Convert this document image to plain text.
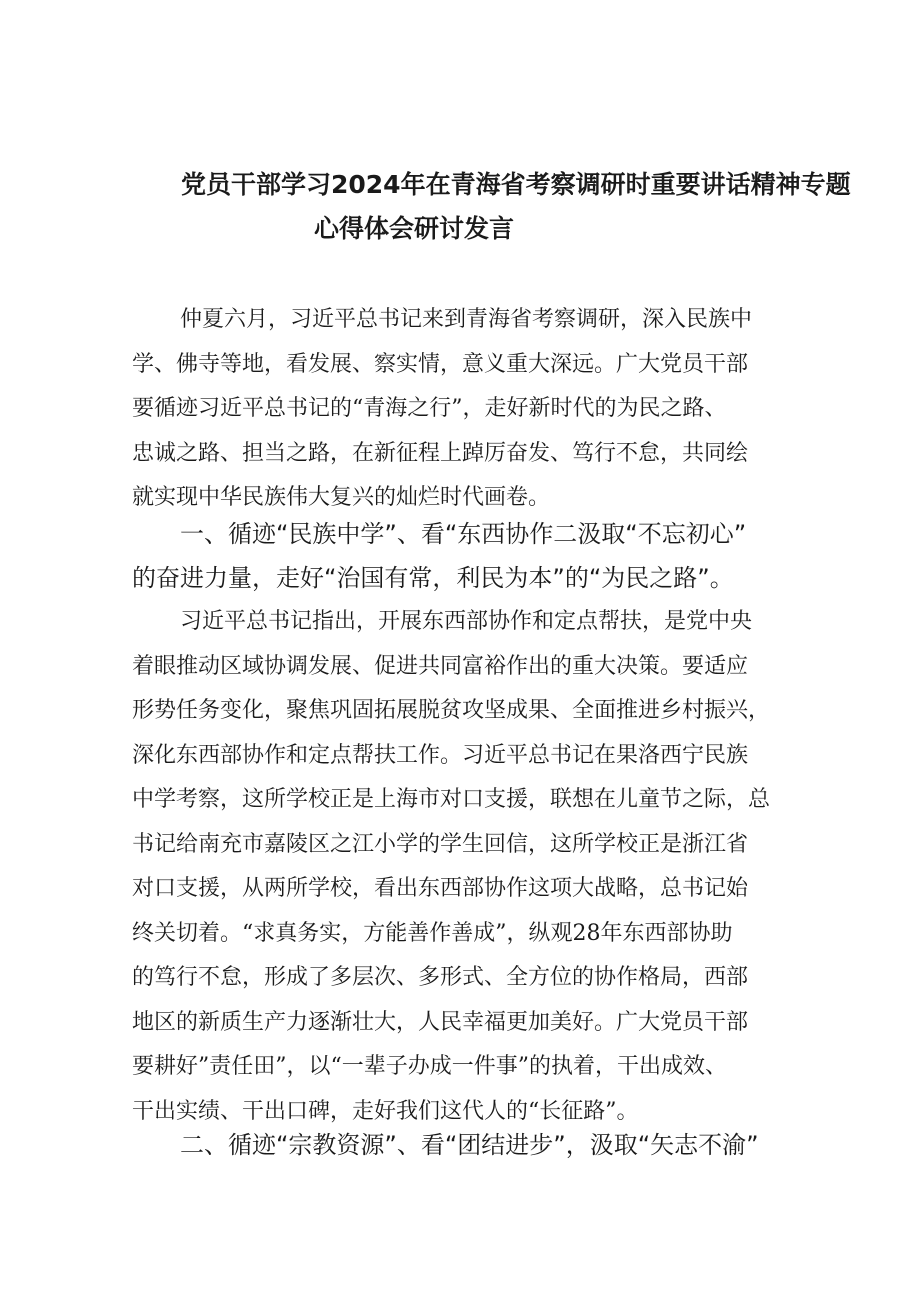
党员干部学习2024年在青海省考察调研时重要讲话精神专题
心得体会研讨发言
仲夏六月，习近平总书记来到青海省考察调研，深入民族中
学、佛寺等地，看发展、察实情，意义重大深远。广大党员干部
要循迹习近平总书记的“青海之行”，走好新时代的为民之路、
忠诚之路、担当之路，在新征程上踔厉奋发、笃行不怠，共同绘
就实现中华民族伟大复兴的灿烂时代画卷。
一、循迹“民族中学”、看“东西协作二汲取“不忘初心”
的奋进力量，走好“治国有常，利民为本”的“为民之路”。
习近平总书记指出，开展东西部协作和定点帮扶，是党中央
着眼推动区域协调发展、促进共同富裕作出的重大决策。要适应
形势任务变化，聚焦巩固拓展脱贫攻坚成果、全面推进乡村振兴，
深化东西部协作和定点帮扶工作。习近平总书记在果洛西宁民族
中学考察，这所学校正是上海市对口支援，联想在儿童节之际，总
书记给南充市嘉陵区之江小学的学生回信，这所学校正是浙江省
对口支援，从两所学校，看出东西部协作这项大战略，总书记始
终关切着。“求真务实，方能善作善成”，纵观28年东西部协助
的笃行不怠，形成了多层次、多形式、全方位的协作格局，西部
地区的新质生产力逐渐壮大，人民幸福更加美好。广大党员干部
要耕好”责任田”，以“一辈子办成一件事”的执着，干出成效、
干出实绩、干出口碑，走好我们这代人的“长征路”。
二、循迹“宗教资源”、看“团结进步”，汲取“矢志不渝”
